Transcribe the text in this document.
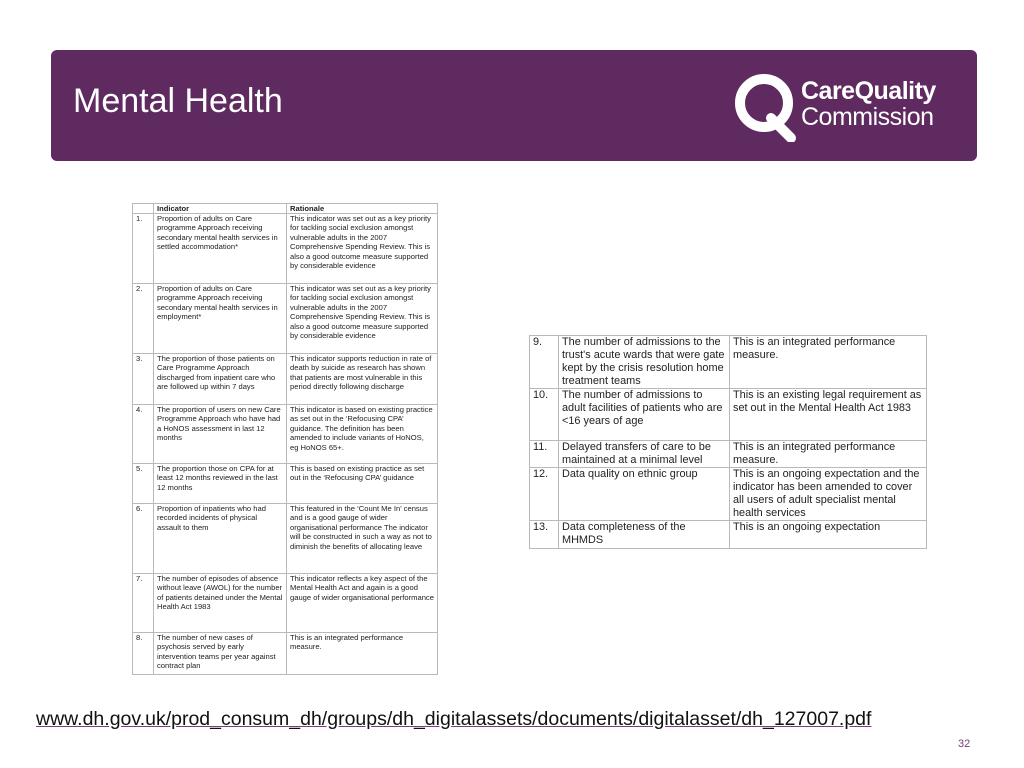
Mental Health	CareQuality
Commission
	Indicator	Rationale
1.	Proportion of adults on Care programme Approach receiving secondary mental health services in settled accommodation*	This indicator was set out as a key priority for tackling social exclusion amongst vulnerable adults in the 2007 Comprehensive Spending Review. This is also a good outcome measure supported by considerable evidence
2.	Proportion of adults on Care programme Approach receiving secondary mental health services in employment*	This indicator was set out as a key priority for tackling social exclusion amongst vulnerable adults in the 2007 Comprehensive Spending Review. This is also a good outcome measure supported by considerable evidence
3.	The proportion of those patients on Care Programme Approach discharged from inpatient care who are followed up within 7 days	This indicator supports reduction in rate of death by suicide as research has shown that patients are most vulnerable in this period directly following discharge
4.	The proportion of users on new Care Programme Approach who have had a HoNOS assessment in last 12 months	This indicator is based on existing practice as set out in the ‘Refocusing CPA’ guidance. The definition has been amended to include variants of HoNOS, eg HoNOS 65+.
5.	The proportion those on CPA for at least 12 months reviewed in the last 12 months	This is based on existing practice as set out in the ‘Refocusing CPA’ guidance
6.	Proportion of inpatients who had recorded incidents of physical assault to them	This featured in the ‘Count Me In’ census and is a good gauge of wider organisational performance The indicator will be constructed in such a way as not to diminish the benefits of allocating leave
7.	The number of episodes of absence without leave (AWOL) for the number of patients detained under the Mental Health Act 1983	This indicator reflects a key aspect of the Mental Health Act and again is a good gauge of wider organisational performance
8.	The number of new cases of psychosis served by early intervention teams per year against contract plan	This is an integrated performance measure.
9.	The number of admissions to the trust's acute wards that were gate kept by the crisis resolution home treatment teams	This is an integrated performance measure.
10.	The number of admissions to adult facilities of patients who are <16 years of age	This is an existing legal requirement as set out in the Mental Health Act 1983
11.	Delayed transfers of care to be maintained at a minimal level	This is an integrated performance measure.
12.	Data quality on ethnic group	This is an ongoing expectation and the indicator has been amended to cover all users of adult specialist mental health services
13.	Data completeness of the MHMDS	This is an ongoing expectation
www.dh.gov.uk/prod_consum_dh/groups/dh_digitalassets/documents/digitalasset/dh_127007.pdf
32
